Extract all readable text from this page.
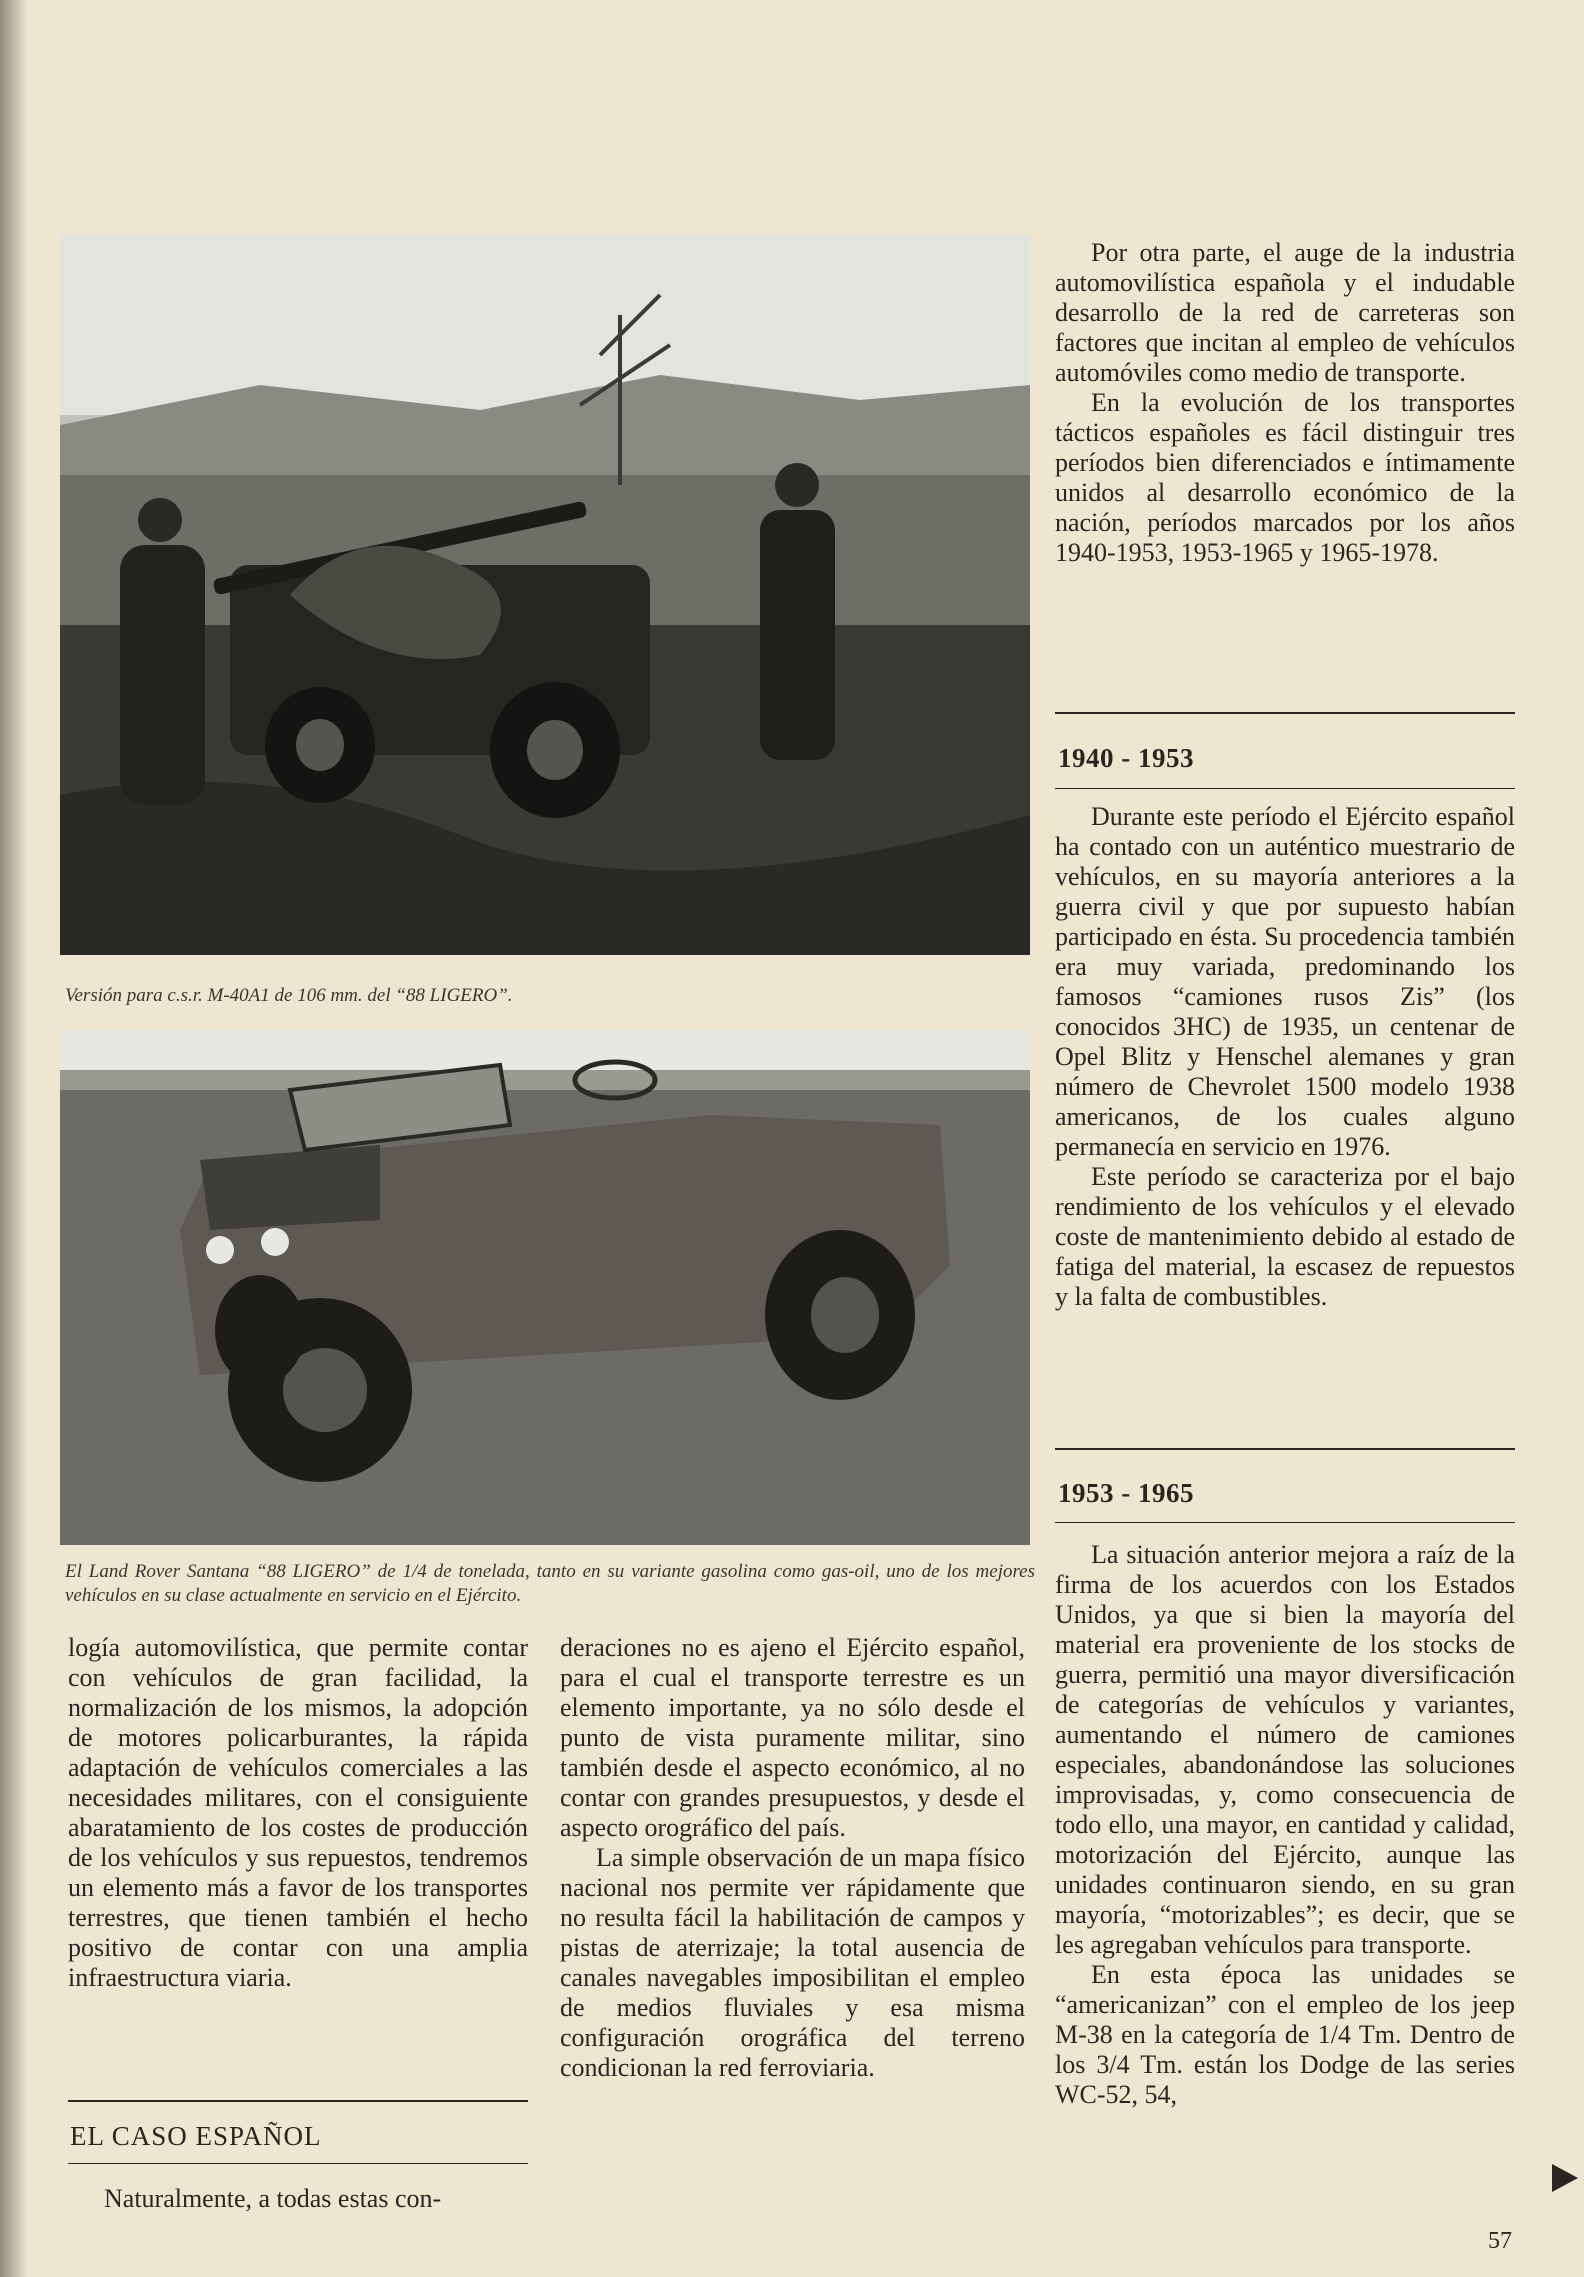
Versión para c.s.r. M-40A1 de 106 mm. del “88 LIGERO”.

El Land Rover Santana “88 LIGERO” de 1/4 de tonelada, tanto en su variante gasolina como gas-oil, uno de los mejores vehículos en su clase actualmente en servicio en el Ejército.

logía automovilística, que permite contar con vehículos de gran facilidad, la normalización de los mismos, la adopción de motores policarburantes, la rápida adaptación de vehículos comerciales a las necesidades militares, con el consiguiente abaratamiento de los costes de producción de los vehículos y sus repuestos, tendremos un elemento más a favor de los transportes terrestres, que tienen también el hecho positivo de contar con una amplia infraestructura viaria.

EL CASO ESPAÑOL

Naturalmente, a todas estas con-

deraciones no es ajeno el Ejército español, para el cual el transporte terrestre es un elemento importante, ya no sólo desde el punto de vista puramente militar, sino también desde el aspecto económico, al no contar con grandes presupuestos, y desde el aspecto orográfico del país.

La simple observación de un mapa físico nacional nos permite ver rápidamente que no resulta fácil la habilitación de campos y pistas de aterrizaje; la total ausencia de canales navegables imposibilitan el empleo de medios fluviales y esa misma configuración orográfica del terreno condicionan la red ferroviaria.

Por otra parte, el auge de la industria automovilística española y el indudable desarrollo de la red de carreteras son factores que incitan al empleo de vehículos automóviles como medio de transporte.

En la evolución de los transportes tácticos españoles es fácil distinguir tres períodos bien diferenciados e íntimamente unidos al desarrollo económico de la nación, períodos marcados por los años 1940-1953, 1953-1965 y 1965-1978.

1940 - 1953

Durante este período el Ejército español ha contado con un auténtico muestrario de vehículos, en su mayoría anteriores a la guerra civil y que por supuesto habían participado en ésta. Su procedencia también era muy variada, predominando los famosos “camiones rusos Zis” (los conocidos 3HC) de 1935, un centenar de Opel Blitz y Henschel alemanes y gran número de Chevrolet 1500 modelo 1938 americanos, de los cuales alguno permanecía en servicio en 1976.

Este período se caracteriza por el bajo rendimiento de los vehículos y el elevado coste de mantenimiento debido al estado de fatiga del material, la escasez de repuestos y la falta de combustibles.

1953 - 1965

La situación anterior mejora a raíz de la firma de los acuerdos con los Estados Unidos, ya que si bien la mayoría del material era proveniente de los stocks de guerra, permitió una mayor diversificación de categorías de vehículos y variantes, aumentando el número de camiones especiales, abandonándose las soluciones improvisadas, y, como consecuencia de todo ello, una mayor, en cantidad y calidad, motorización del Ejército, aunque las unidades continuaron siendo, en su gran mayoría, “motorizables”; es decir, que se les agregaban vehículos para transporte.

En esta época las unidades se “americanizan” con el empleo de los jeep M-38 en la categoría de 1/4 Tm. Dentro de los 3/4 Tm. están los Dodge de las series WC-52, 54,

57
